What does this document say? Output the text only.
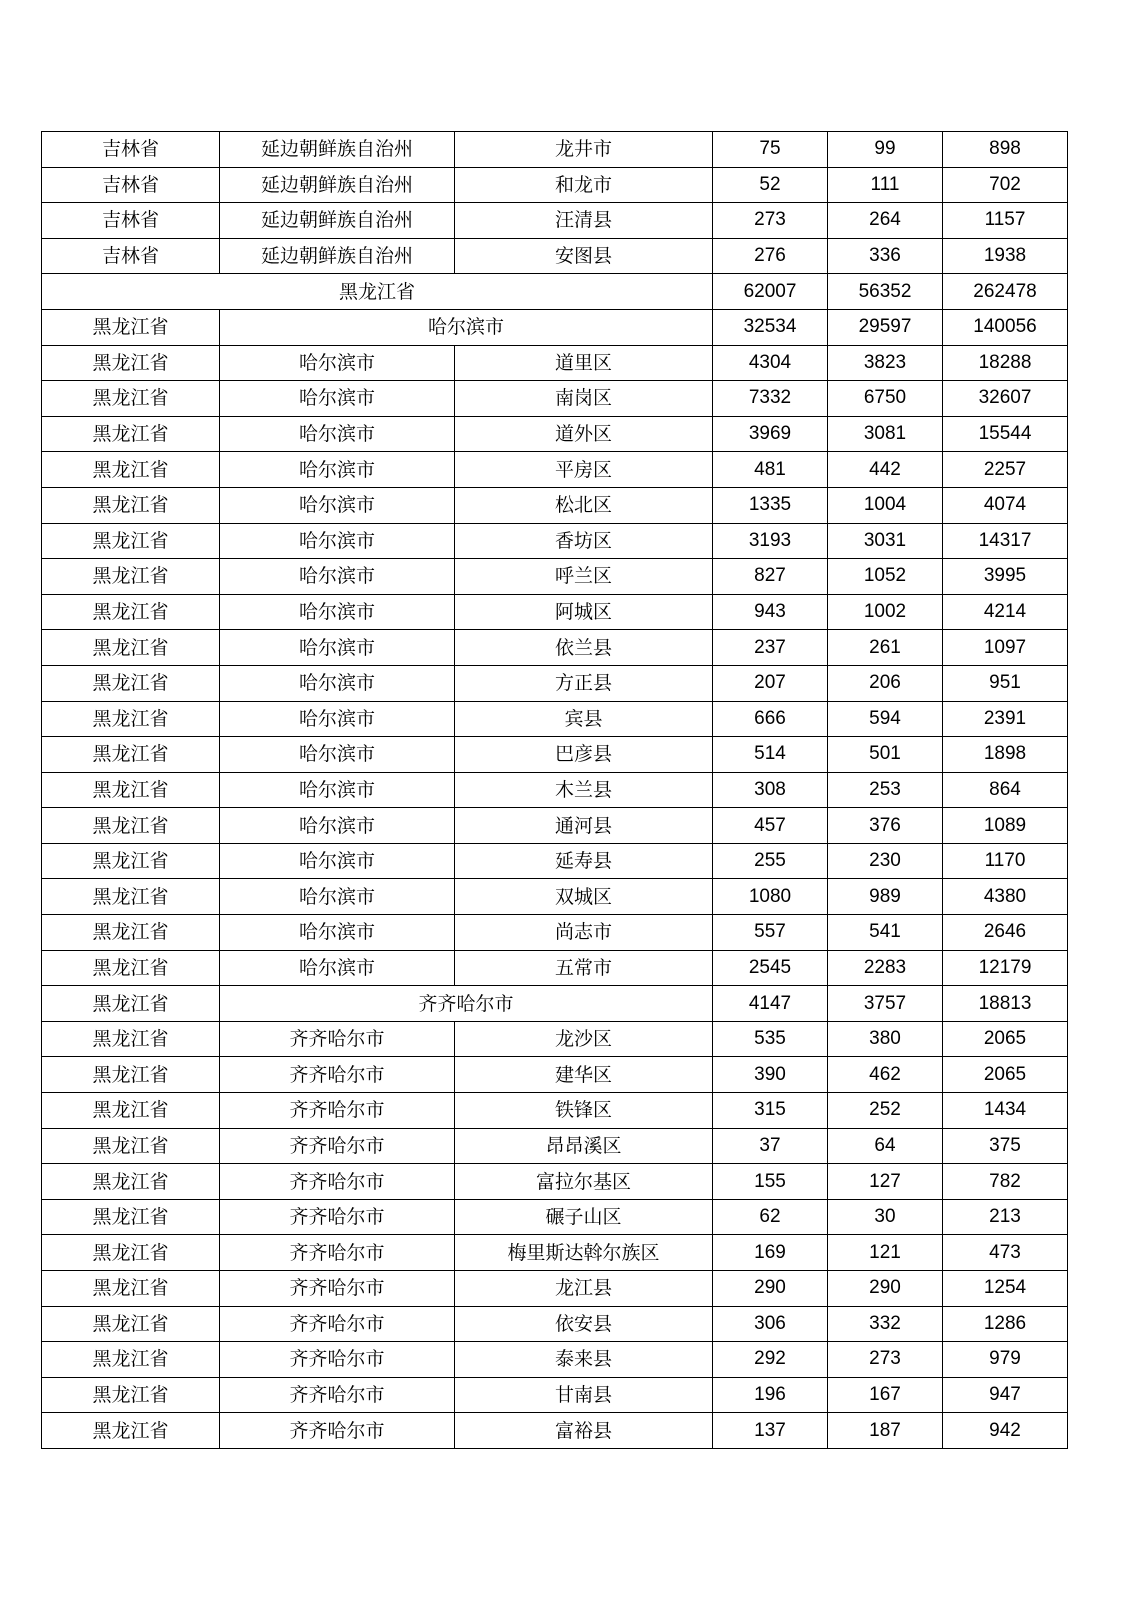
吉林省	延边朝鲜族自治州	龙井市	75	99	898
吉林省	延边朝鲜族自治州	和龙市	52	111	702
吉林省	延边朝鲜族自治州	汪清县	273	264	1157
吉林省	延边朝鲜族自治州	安图县	276	336	1938
黑龙江省			62007	56352	262478
黑龙江省	哈尔滨市		32534	29597	140056
黑龙江省	哈尔滨市	道里区	4304	3823	18288
黑龙江省	哈尔滨市	南岗区	7332	6750	32607
黑龙江省	哈尔滨市	道外区	3969	3081	15544
黑龙江省	哈尔滨市	平房区	481	442	2257
黑龙江省	哈尔滨市	松北区	1335	1004	4074
黑龙江省	哈尔滨市	香坊区	3193	3031	14317
黑龙江省	哈尔滨市	呼兰区	827	1052	3995
黑龙江省	哈尔滨市	阿城区	943	1002	4214
黑龙江省	哈尔滨市	依兰县	237	261	1097
黑龙江省	哈尔滨市	方正县	207	206	951
黑龙江省	哈尔滨市	宾县	666	594	2391
黑龙江省	哈尔滨市	巴彦县	514	501	1898
黑龙江省	哈尔滨市	木兰县	308	253	864
黑龙江省	哈尔滨市	通河县	457	376	1089
黑龙江省	哈尔滨市	延寿县	255	230	1170
黑龙江省	哈尔滨市	双城区	1080	989	4380
黑龙江省	哈尔滨市	尚志市	557	541	2646
黑龙江省	哈尔滨市	五常市	2545	2283	12179
黑龙江省	齐齐哈尔市		4147	3757	18813
黑龙江省	齐齐哈尔市	龙沙区	535	380	2065
黑龙江省	齐齐哈尔市	建华区	390	462	2065
黑龙江省	齐齐哈尔市	铁锋区	315	252	1434
黑龙江省	齐齐哈尔市	昂昂溪区	37	64	375
黑龙江省	齐齐哈尔市	富拉尔基区	155	127	782
黑龙江省	齐齐哈尔市	碾子山区	62	30	213
黑龙江省	齐齐哈尔市	梅里斯达斡尔族区	169	121	473
黑龙江省	齐齐哈尔市	龙江县	290	290	1254
黑龙江省	齐齐哈尔市	依安县	306	332	1286
黑龙江省	齐齐哈尔市	泰来县	292	273	979
黑龙江省	齐齐哈尔市	甘南县	196	167	947
黑龙江省	齐齐哈尔市	富裕县	137	187	942
